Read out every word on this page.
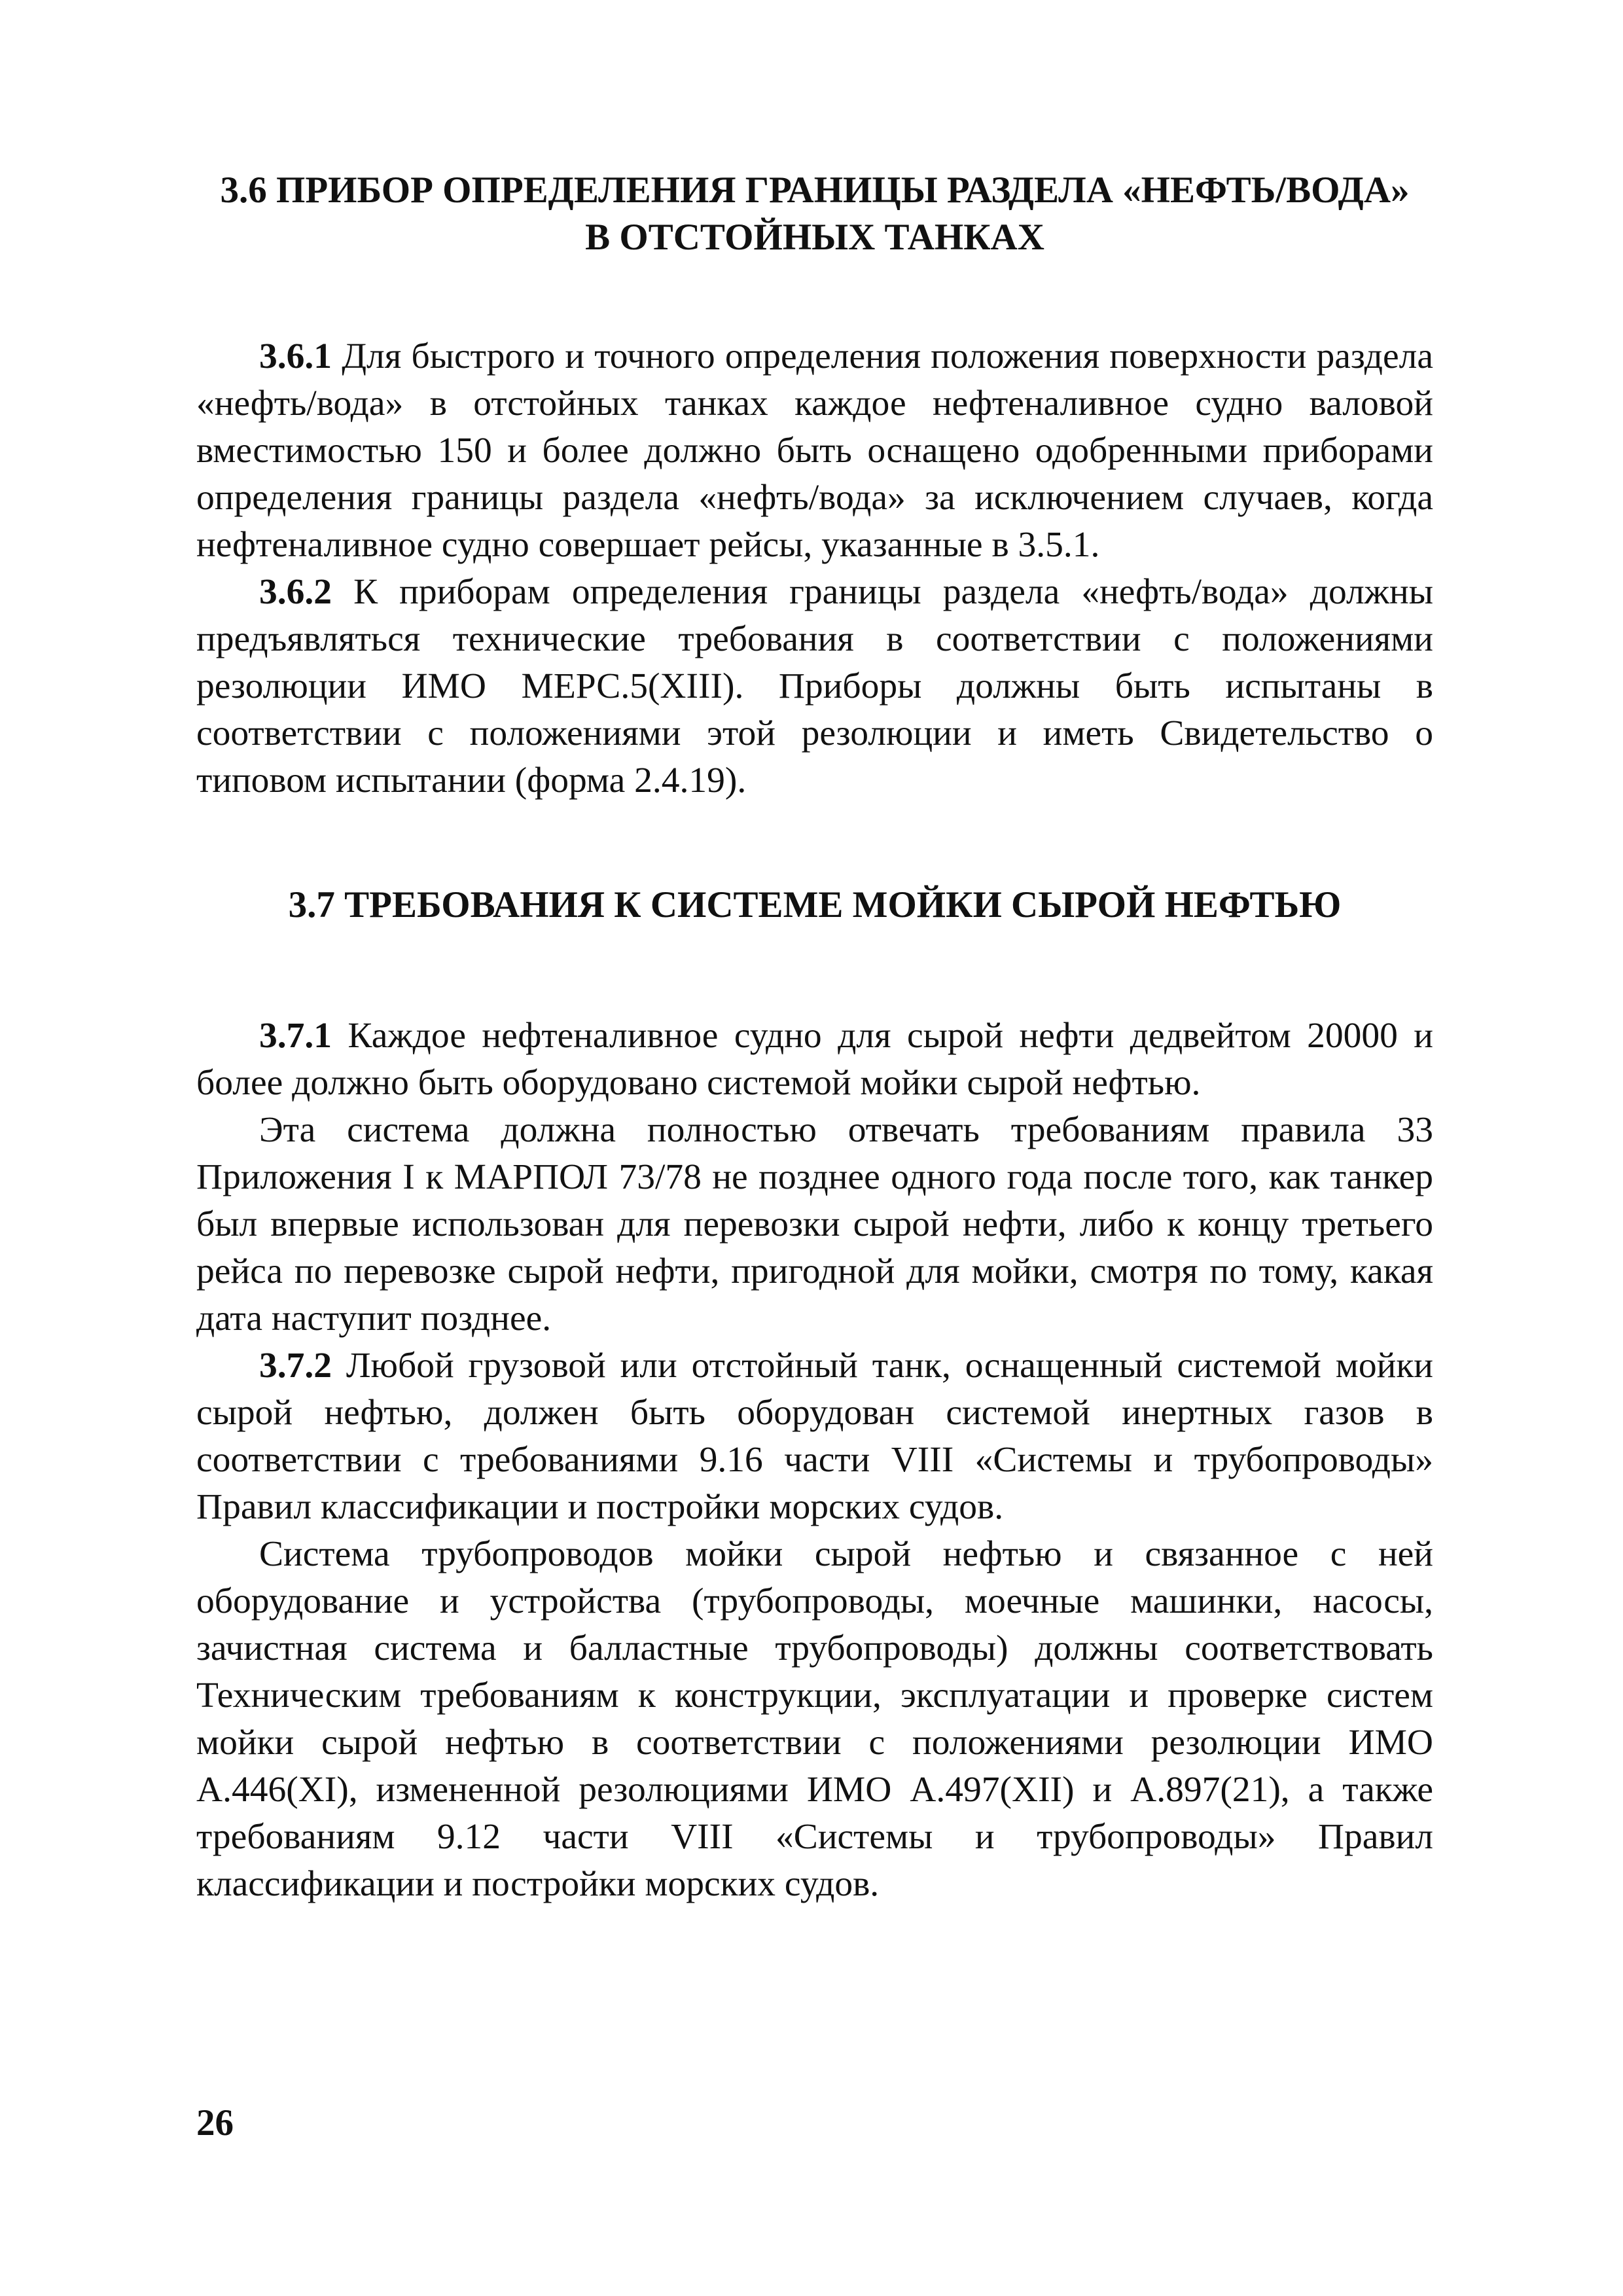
3.6 ПРИБОР ОПРЕДЕЛЕНИЯ ГРАНИЦЫ РАЗДЕЛА «НЕФТЬ/ВОДА»
В ОТСТОЙНЫХ ТАНКАХ

3.6.1 Для быстрого и точного определения положения поверхности раздела «нефть/вода» в отстойных танках каждое нефтеналивное судно валовой вместимостью 150 и более должно быть оснащено одобренными приборами определения границы раздела «нефть/вода» за исключением случаев, когда нефтеналивное судно совершает рейсы, указанные в 3.5.1.

3.6.2 К приборам определения границы раздела «нефть/вода» должны предъявляться технические требования в соответствии с положениями резолюции ИМО МЕРС.5(XIII). Приборы должны быть испытаны в соответствии с положениями этой резолюции и иметь Свидетельство о типовом испытании (форма 2.4.19).

3.7 ТРЕБОВАНИЯ К СИСТЕМЕ МОЙКИ СЫРОЙ НЕФТЬЮ

3.7.1 Каждое нефтеналивное судно для сырой нефти дедвейтом 20000 и более должно быть оборудовано системой мойки сырой нефтью.

Эта система должна полностью отвечать требованиям правила 33 Приложения I к МАРПОЛ 73/78 не позднее одного года после того, как танкер был впервые использован для перевозки сырой нефти, либо к концу третьего рейса по перевозке сырой нефти, пригодной для мойки, смотря по тому, какая дата наступит позднее.

3.7.2 Любой грузовой или отстойный танк, оснащенный системой мойки сырой нефтью, должен быть оборудован системой инертных газов в соответствии с требованиями 9.16 части VIII «Системы и трубопроводы» Правил классификации и постройки морских судов.

Система трубопроводов мойки сырой нефтью и связанное с ней оборудование и устройства (трубопроводы, моечные машинки, насосы, зачистная система и балластные трубопроводы) должны соответствовать Техническим требованиям к конструкции, эксплуатации и проверке систем мойки сырой нефтью в соответствии с положениями резолюции ИМО А.446(XI), измененной резолюциями ИМО А.497(XII) и А.897(21), а также требованиям 9.12 части VIII «Системы и трубопроводы» Правил классификации и постройки морских судов.

26
